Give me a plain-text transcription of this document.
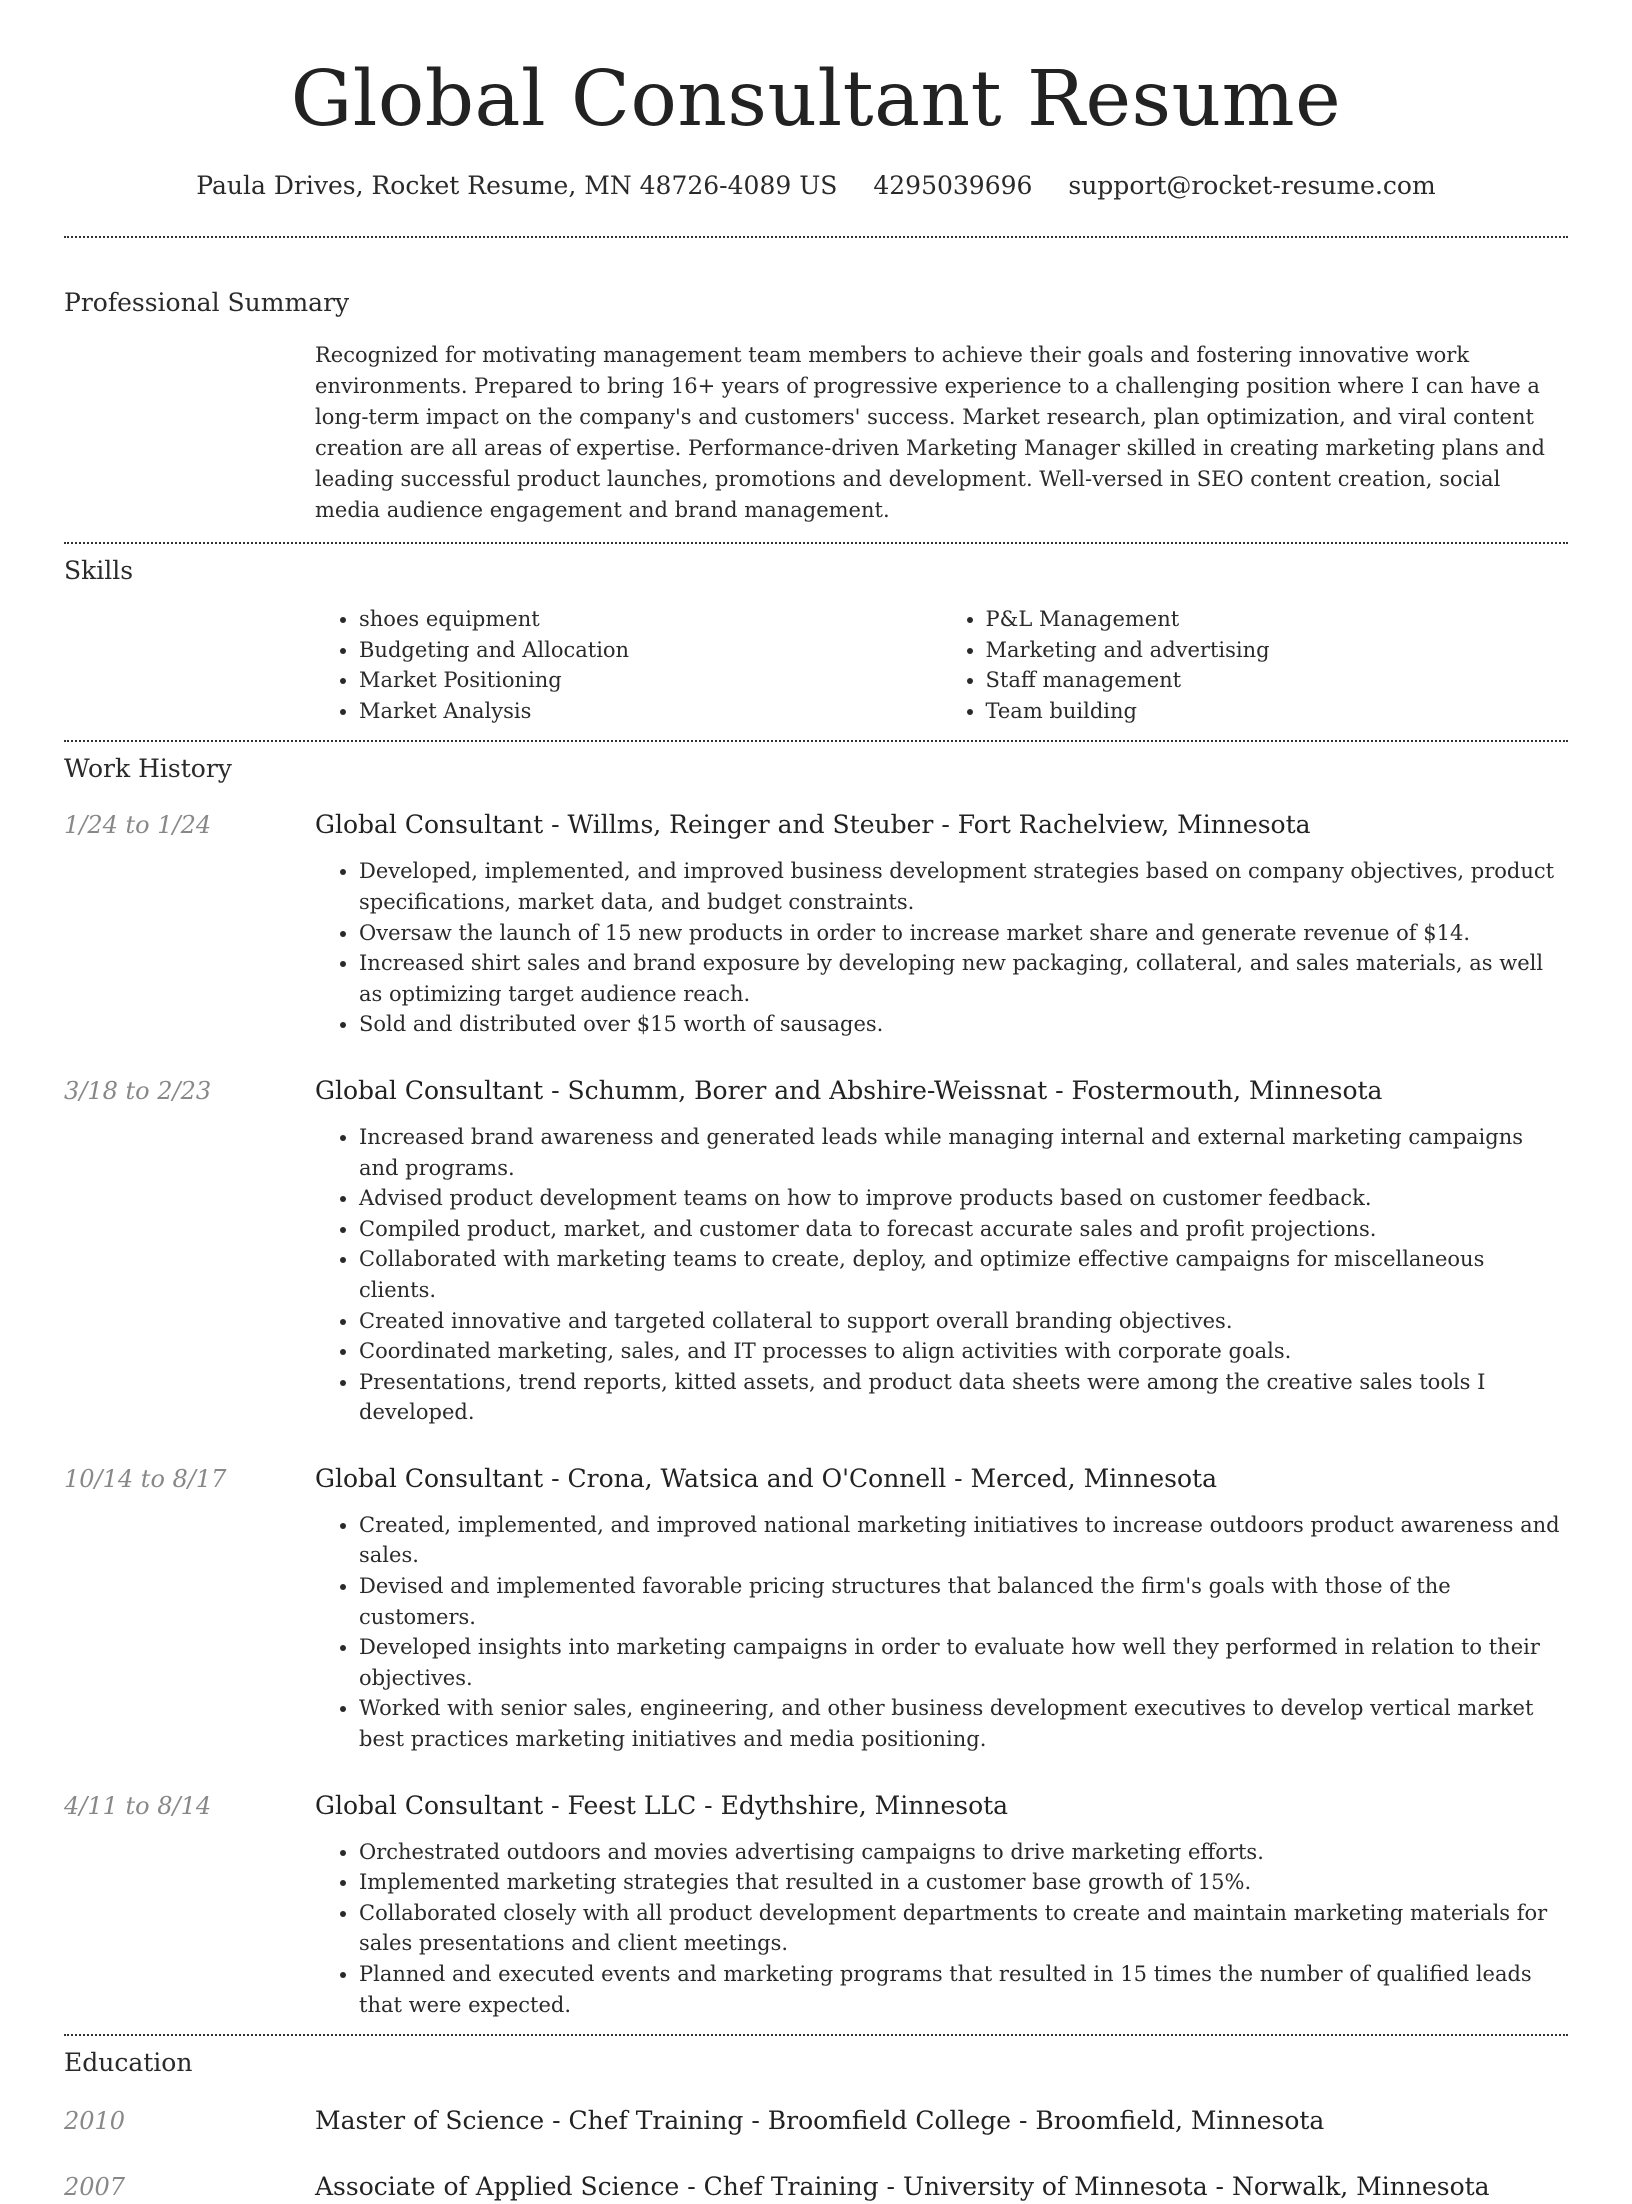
Global Consultant Resume
Paula Drives, Rocket Resume, MN 48726-4089 US 4295039696 support@rocket-resume.com
Professional Summary

Recognized for motivating management team members to achieve their goals and fostering innovative work environments. Prepared to bring 16+ years of progressive experience to a challenging position where I can have a long-term impact on the company's and customers' success. Market research, plan optimization, and viral content creation are all areas of expertise. Performance-driven Marketing Manager skilled in creating marketing plans and leading successful product launches, promotions and development. Well-versed in SEO content creation, social media audience engagement and brand management.

Skills
• shoes equipment
• Budgeting and Allocation
• Market Positioning
• Market Analysis
• P&L Management
• Marketing and advertising
• Staff management
• Team building
Work History
1/24 to 1/24	Global Consultant - Willms, Reinger and Steuber - Fort Rachelview, Minnesota
• Developed, implemented, and improved business development strategies based on company objectives, product specifications, market data, and budget constraints.
• Oversaw the launch of 15 new products in order to increase market share and generate revenue of $14.
• Increased shirt sales and brand exposure by developing new packaging, collateral, and sales materials, as well as optimizing target audience reach.
• Sold and distributed over $15 worth of sausages.
3/18 to 2/23	Global Consultant - Schumm, Borer and Abshire-Weissnat - Fostermouth, Minnesota
• Increased brand awareness and generated leads while managing internal and external marketing campaigns and programs.
• Advised product development teams on how to improve products based on customer feedback.
• Compiled product, market, and customer data to forecast accurate sales and profit projections.
• Collaborated with marketing teams to create, deploy, and optimize effective campaigns for miscellaneous clients.
• Created innovative and targeted collateral to support overall branding objectives.
• Coordinated marketing, sales, and IT processes to align activities with corporate goals.
• Presentations, trend reports, kitted assets, and product data sheets were among the creative sales tools I developed.
10/14 to 8/17	Global Consultant - Crona, Watsica and O'Connell - Merced, Minnesota
• Created, implemented, and improved national marketing initiatives to increase outdoors product awareness and sales.
• Devised and implemented favorable pricing structures that balanced the firm's goals with those of the customers.
• Developed insights into marketing campaigns in order to evaluate how well they performed in relation to their objectives.
• Worked with senior sales, engineering, and other business development executives to develop vertical market best practices marketing initiatives and media positioning.
4/11 to 8/14	Global Consultant - Feest LLC - Edythshire, Minnesota
• Orchestrated outdoors and movies advertising campaigns to drive marketing efforts.
• Implemented marketing strategies that resulted in a customer base growth of 15%.
• Collaborated closely with all product development departments to create and maintain marketing materials for sales presentations and client meetings.
• Planned and executed events and marketing programs that resulted in 15 times the number of qualified leads that were expected.
Education
2010	Master of Science - Chef Training - Broomfield College - Broomfield, Minnesota
2007	Associate of Applied Science - Chef Training - University of Minnesota - Norwalk, Minnesota
